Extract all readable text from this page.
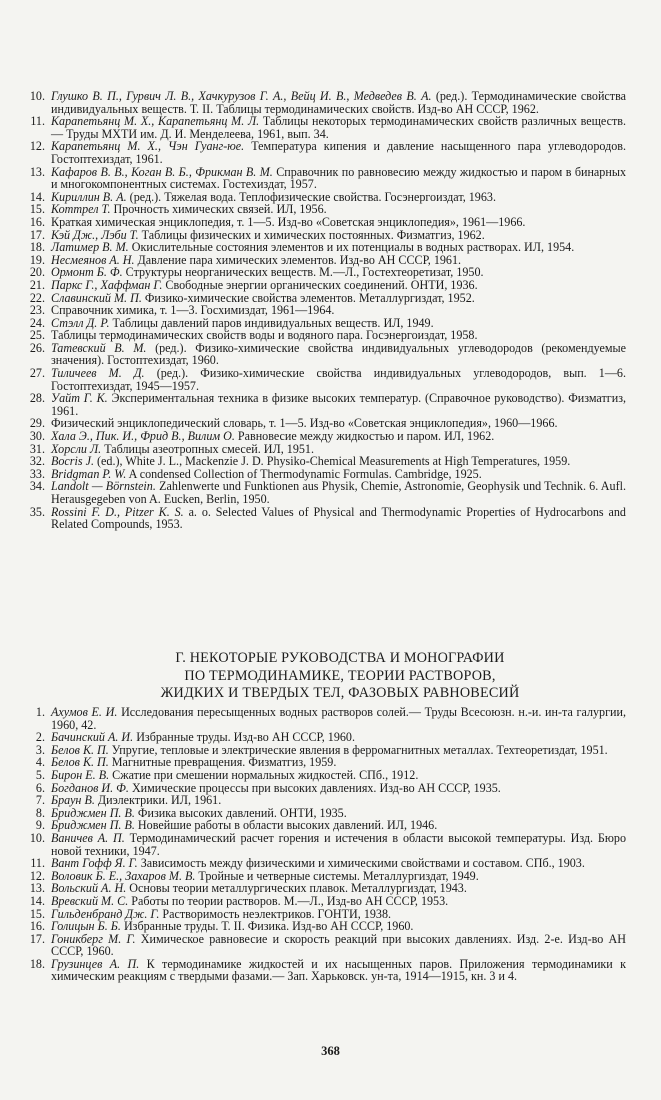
10. Глушко В. П., Гурвич Л. В., Хачкурузов Г. А., Вейц И. В., Медведев В. А. (ред.). Термодинамические свойства индивидуальных веществ. Т. II. Таблицы термодинамических свойств. Изд-во АН СССР, 1962.
11. Карапетьянц М. Х., Карапетьянц М. Л. Таблицы некоторых термодинамических свойств различных веществ.— Труды МХТИ им. Д. И. Менделеева, 1961, вып. 34.
12. Карапетьянц М. Х., Чэн Гуанг-юе. Температура кипения и давление насыщенного пара углеводородов. Гостоптехиздат, 1961.
13. Кафаров В. В., Коган В. Б., Фрикман В. М. Справочник по равновесию между жидкостью и паром в бинарных и многокомпонентных системах. Гостехиздат, 1957.
14. Кириллин В. А. (ред.). Тяжелая вода. Теплофизические свойства. Госэнергоиздат, 1963.
15. Коттрел Т. Прочность химических связей. ИЛ, 1956.
16. Краткая химическая энциклопедия, т. 1—5. Изд-во «Советская энциклопедия», 1961—1966.
17. Кэй Дж., Лэби Т. Таблицы физических и химических постоянных. Физматгиз, 1962.
18. Латимер В. М. Окислительные состояния элементов и их потенциалы в водных растворах. ИЛ, 1954.
19. Несмеянов А. Н. Давление пара химических элементов. Изд-во АН СССР, 1961.
20. Ормонт Б. Ф. Структуры неорганических веществ. М.—Л., Гостехтеоретизат, 1950.
21. Паркс Г., Хаффман Г. Свободные энергии органических соединений. ОНТИ, 1936.
22. Славинский М. П. Физико-химические свойства элементов. Металлургиздат, 1952.
23. Справочник химика, т. 1—3. Госхимиздат, 1961—1964.
24. Стэлл Д. Р. Таблицы давлений паров индивидуальных веществ. ИЛ, 1949.
25. Таблицы термодинамических свойств воды и водяного пара. Госэнергоиздат, 1958.
26. Татевский В. М. (ред.). Физико-химические свойства индивидуальных углеводородов (рекомендуемые значения). Гостоптехиздат, 1960.
27. Тиличеев М. Д. (ред.). Физико-химические свойства индивидуальных углеводородов, вып. 1—6. Гостоптехиздат, 1945—1957.
28. Уайт Г. К. Экспериментальная техника в физике высоких температур. (Справочное руководство). Физматгиз, 1961.
29. Физический энциклопедический словарь, т. 1—5. Изд-во «Советская энциклопедия», 1960—1966.
30. Хала Э., Пик. И., Фрид В., Вилим О. Равновесие между жидкостью и паром. ИЛ, 1962.
31. Хорсли Л. Таблицы азеотропных смесей. ИЛ, 1951.
32. Bocris J. (ed.), White J. L., Mackenzie J. D. Physiko-Chemical Measurements at High Temperatures, 1959.
33. Bridgman P. W. A condensed Collection of Thermodynamic Formulas. Cambridge, 1925.
34. Landolt — Börnstein. Zahlenwerte und Funktionen aus Physik, Chemie, Astronomie, Geophysik und Technik. 6. Aufl. Herausgegeben von A. Eucken, Berlin, 1950.
35. Rossini F. D., Pitzer K. S. a. o. Selected Values of Physical and Thermodynamic Properties of Hydrocarbons and Related Compounds, 1953.
Г. НЕКОТОРЫЕ РУКОВОДСТВА И МОНОГРАФИИ
ПО ТЕРМОДИНАМИКЕ, ТЕОРИИ РАСТВОРОВ,
ЖИДКИХ И ТВЕРДЫХ ТЕЛ, ФАЗОВЫХ РАВНОВЕСИЙ
1. Ахумов Е. И. Исследования пересыщенных водных растворов солей.— Труды Всесоюзн. н.-и. ин-та галургии, 1960, 42.
2. Бачинский А. И. Избранные труды. Изд-во АН СССР, 1960.
3. Белов К. П. Упругие, тепловые и электрические явления в ферромагнитных металлах. Техтеоретиздат, 1951.
4. Белов К. П. Магнитные превращения. Физматгиз, 1959.
5. Бирон Е. В. Сжатие при смешении нормальных жидкостей. СПб., 1912.
6. Богданов И. Ф. Химические процессы при высоких давлениях. Изд-во АН СССР, 1935.
7. Браун В. Диэлектрики. ИЛ, 1961.
8. Бриджмен П. В. Физика высоких давлений. ОНТИ, 1935.
9. Бриджмен П. В. Новейшие работы в области высоких давлений. ИЛ, 1946.
10. Ваничев А. П. Термодинамический расчет горения и истечения в области высокой температуры. Изд. Бюро новой техники, 1947.
11. Вант Гофф Я. Г. Зависимость между физическими и химическими свойствами и составом. СПб., 1903.
12. Воловик Б. Е., Захаров М. В. Тройные и четверные системы. Металлургиздат, 1949.
13. Вольский А. Н. Основы теории металлургических плавок. Металлургиздат, 1943.
14. Вревский М. С. Работы по теории растворов. М.—Л., Изд-во АН СССР, 1953.
15. Гильденбранд Дж. Г. Растворимость неэлектриков. ГОНТИ, 1938.
16. Голицын Б. Б. Избранные труды. Т. II. Физика. Изд-во АН СССР, 1960.
17. Гоникберг М. Г. Химическое равновесие и скорость реакций при высоких давлениях. Изд. 2-е. Изд-во АН СССР, 1960.
18. Грузинцев А. П. К термодинамике жидкостей и их насыщенных паров. Приложения термодинамики к химическим реакциям с твердыми фазами.— Зап. Харьковск. ун-та, 1914—1915, кн. 3 и 4.
368
